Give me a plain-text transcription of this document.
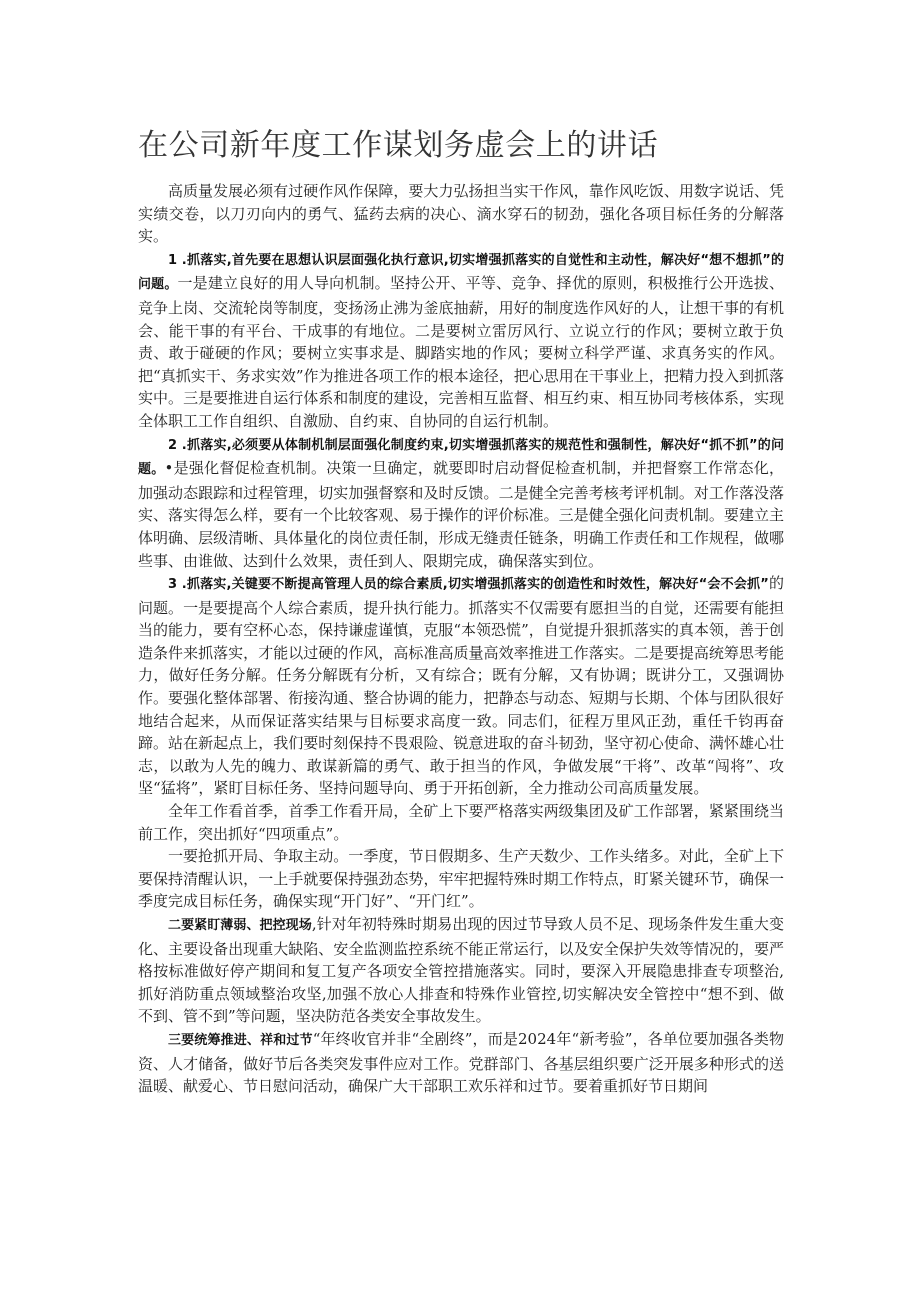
在公司新年度工作谋划务虚会上的讲话

高质量发展必须有过硬作风作保障，要大力弘扬担当实干作风，靠作风吃饭、用数字说话、凭实绩交卷，以刀刃向内的勇气、猛药去病的决心、滴水穿石的韧劲，强化各项目标任务的分解落实。

1 .抓落实,首先要在思想认识层面强化执行意识,切实增强抓落实的自觉性和主动性，解决好“想不想抓”的问题。一是建立良好的用人导向机制。坚持公开、平等、竞争、择优的原则，积极推行公开选拔、竞争上岗、交流轮岗等制度，变扬汤止沸为釜底抽薪，用好的制度选作风好的人，让想干事的有机会、能干事的有平台、干成事的有地位。二是要树立雷厉风行、立说立行的作风；要树立敢于负责、敢于碰硬的作风；要树立实事求是、脚踏实地的作风；要树立科学严谨、求真务实的作风。把“真抓实干、务求实效”作为推进各项工作的根本途径，把心思用在干事业上，把精力投入到抓落实中。三是要推进自运行体系和制度的建设，完善相互监督、相互约束、相互协同考核体系，实现全体职工工作自组织、自激励、自约束、自协同的自运行机制。

2 .抓落实,必须要从体制机制层面强化制度约束,切实增强抓落实的规范性和强制性，解决好“抓不抓”的问题。•是强化督促检查机制。决策一旦确定，就要即时启动督促检查机制，并把督察工作常态化，加强动态跟踪和过程管理，切实加强督察和及时反馈。二是健全完善考核考评机制。对工作落没落实、落实得怎么样，要有一个比较客观、易于操作的评价标准。三是健全强化问责机制。要建立主体明确、层级清晰、具体量化的岗位责任制，形成无缝责任链条，明确工作责任和工作规程，做哪些事、由谁做、达到什么效果，责任到人、限期完成，确保落实到位。

3 .抓落实,关键要不断提高管理人员的综合素质,切实增强抓落实的创造性和时效性，解决好“会不会抓”的问题。一是要提高个人综合素质，提升执行能力。抓落实不仅需要有愿担当的自觉，还需要有能担当的能力，要有空杯心态，保持谦虚谨慎，克服“本领恐慌”，自觉提升狠抓落实的真本领，善于创造条件来抓落实，才能以过硬的作风，高标准高质量高效率推进工作落实。二是要提高统筹思考能力，做好任务分解。任务分解既有分析，又有综合；既有分解，又有协调；既讲分工，又强调协作。要强化整体部署、衔接沟通、整合协调的能力，把静态与动态、短期与长期、个体与团队很好地结合起来，从而保证落实结果与目标要求高度一致。同志们，征程万里风正劲，重任千钧再奋蹄。站在新起点上，我们要时刻保持不畏艰险、锐意进取的奋斗韧劲，坚守初心使命、满怀雄心壮志，以敢为人先的魄力、敢谋新篇的勇气、敢于担当的作风，争做发展“干将”、改革“闯将”、攻坚“猛将”，紧盯目标任务、坚持问题导向、勇于开拓创新，全力推动公司高质量发展。

全年工作看首季，首季工作看开局，全矿上下要严格落实两级集团及矿工作部署，紧紧围绕当前工作，突出抓好“四项重点”。

一要抢抓开局、争取主动。一季度，节日假期多、生产天数少、工作头绪多。对此，全矿上下要保持清醒认识，一上手就要保持强劲态势，牢牢把握特殊时期工作特点，盯紧关键环节，确保一季度完成目标任务，确保实现“开门好”、“开门红”。

二要紧盯薄弱、把控现场,针对年初特殊时期易出现的因过节导致人员不足、现场条件发生重大变化、主要设备出现重大缺陷、安全监测监控系统不能正常运行，以及安全保护失效等情况的，要严格按标准做好停产期间和复工复产各项安全管控措施落实。同时，要深入开展隐患排查专项整治,抓好消防重点领域整治攻坚,加强不放心人排查和特殊作业管控,切实解决安全管控中“想不到、做不到、管不到”等问题，坚决防范各类安全事故发生。

三要统筹推进、祥和过节“年终收官并非“全剧终”，而是2024年“新考验”，各单位要加强各类物资、人才储备，做好节后各类突发事件应对工作。党群部门、各基层组织要广泛开展多种形式的送温暖、献爱心、节日慰问活动，确保广大干部职工欢乐祥和过节。要着重抓好节日期间
